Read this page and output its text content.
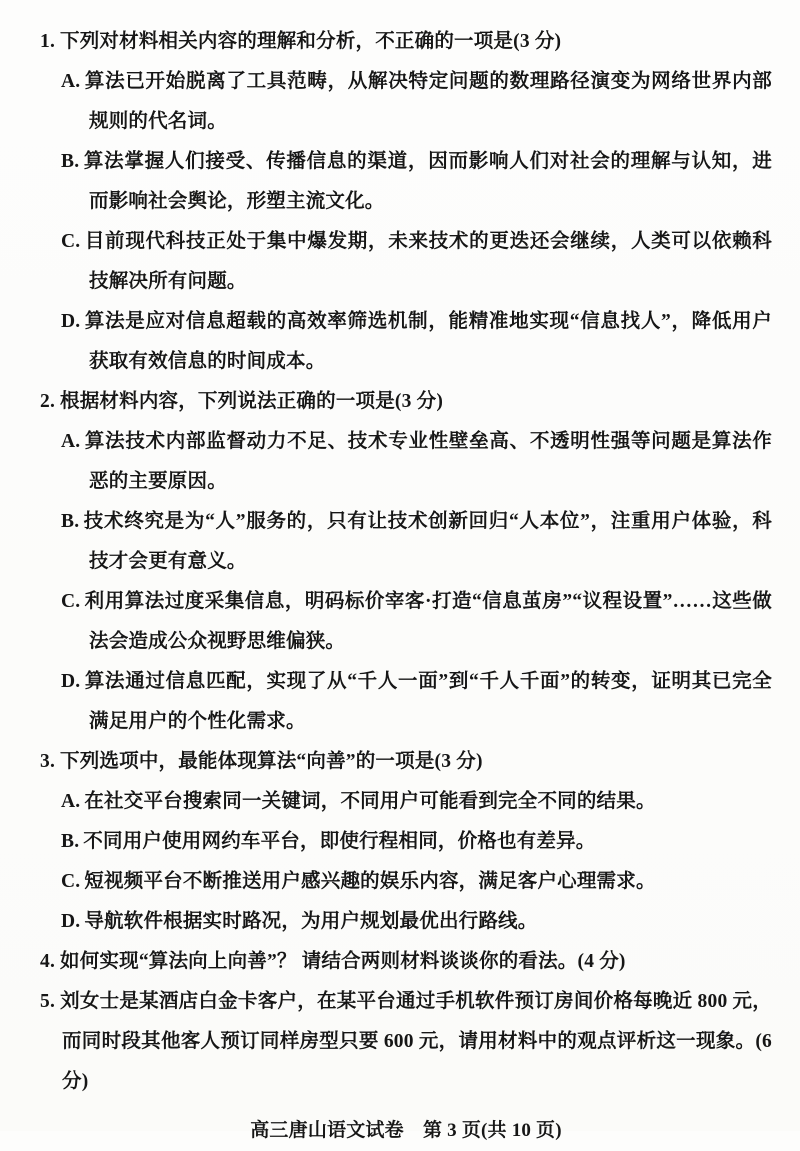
1. 下列对材料相关内容的理解和分析，不正确的一项是(3 分)
A. 算法已开始脱离了工具范畴，从解决特定问题的数理路径演变为网络世界内部规则的代名词。
B. 算法掌握人们接受、传播信息的渠道，因而影响人们对社会的理解与认知，进而影响社会舆论，形塑主流文化。
C. 目前现代科技正处于集中爆发期，未来技术的更迭还会继续，人类可以依赖科技解决所有问题。
D. 算法是应对信息超载的高效率筛选机制，能精准地实现“信息找人”，降低用户获取有效信息的时间成本。
2. 根据材料内容，下列说法正确的一项是(3 分)
A. 算法技术内部监督动力不足、技术专业性壁垒高、不透明性强等问题是算法作恶的主要原因。
B. 技术终究是为“人”服务的，只有让技术创新回归“人本位”，注重用户体验，科技才会更有意义。
C. 利用算法过度采集信息，明码标价宰客·打造“信息茧房”“议程设置”……这些做法会造成公众视野思维偏狭。
D. 算法通过信息匹配，实现了从“千人一面”到“千人千面”的转变，证明其已完全满足用户的个性化需求。
3. 下列选项中，最能体现算法“向善”的一项是(3 分)
A. 在社交平台搜索同一关键词，不同用户可能看到完全不同的结果。
B. 不同用户使用网约车平台，即使行程相同，价格也有差异。
C. 短视频平台不断推送用户感兴趣的娱乐内容，满足客户心理需求。
D. 导航软件根据实时路况，为用户规划最优出行路线。
4. 如何实现“算法向上向善”？ 请结合两则材料谈谈你的看法。(4 分)
5. 刘女士是某酒店白金卡客户，在某平台通过手机软件预订房间价格每晚近 800 元，而同时段其他客人预订同样房型只要 600 元，请用材料中的观点评析这一现象。(6 分)
高三唐山语文试卷　第 3 页(共 10 页)
